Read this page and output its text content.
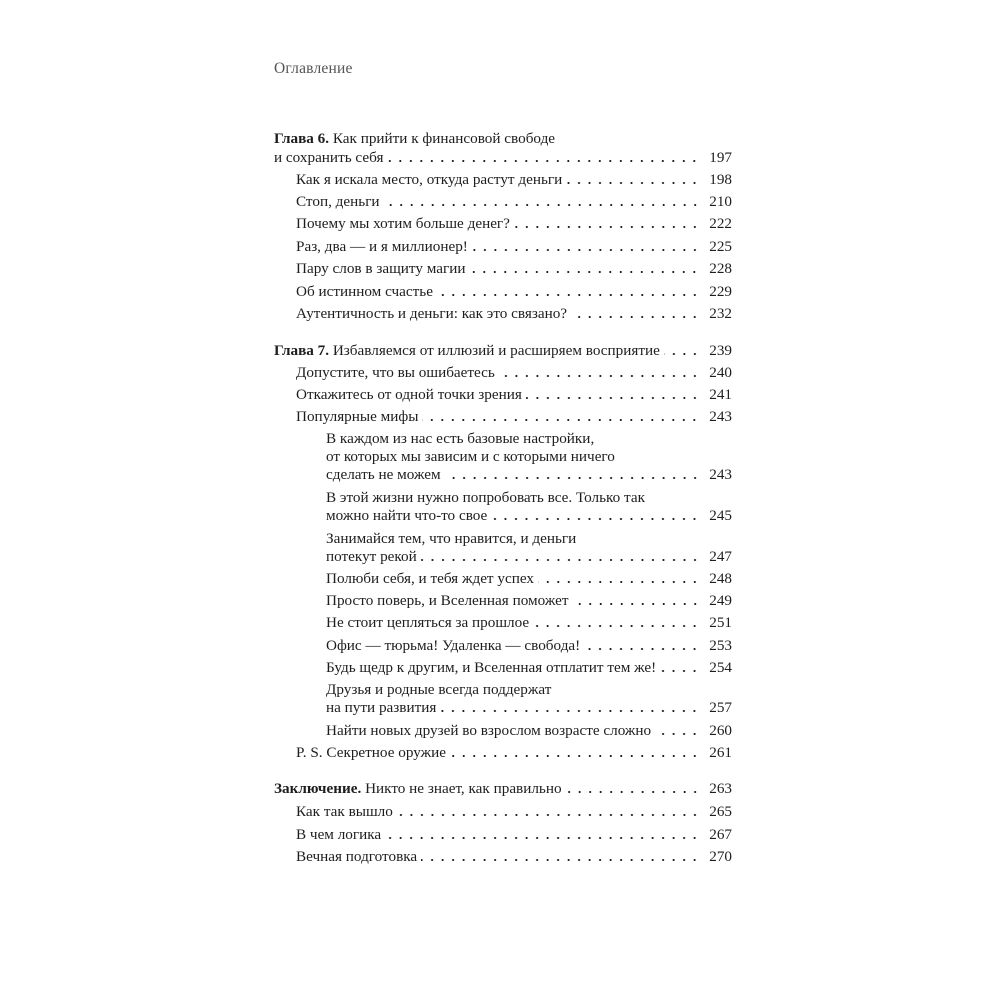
Оглавление
Глава 6. Как прийти к финансовой свободе
и сохранить себя	197
Как я искала место, откуда растут деньги	198
Стоп, деньги	210
Почему мы хотим больше денег?	222
Раз, два — и я миллионер!	225
Пару слов в защиту магии	228
Об истинном счастье	229
Аутентичность и деньги: как это связано?	232
Глава 7. Избавляемся от иллюзий и расширяем восприятие	239
Допустите, что вы ошибаетесь	240
Откажитесь от одной точки зрения	241
Популярные мифы	243
В каждом из нас есть базовые настройки,
от которых мы зависим и с которыми ничего
сделать не можем	243
В этой жизни нужно попробовать все. Только так
можно найти что-то свое	245
Занимайся тем, что нравится, и деньги
потекут рекой	247
Полюби себя, и тебя ждет успех	248
Просто поверь, и Вселенная поможет	249
Не стоит цепляться за прошлое	251
Офис — тюрьма! Удаленка — свобода!	253
Будь щедр к другим, и Вселенная отплатит тем же!	254
Друзья и родные всегда поддержат
на пути развития	257
Найти новых друзей во взрослом возрасте сложно	260
P. S. Секретное оружие	261
Заключение. Никто не знает, как правильно	263
Как так вышло	265
В чем логика	267
Вечная подготовка	270
